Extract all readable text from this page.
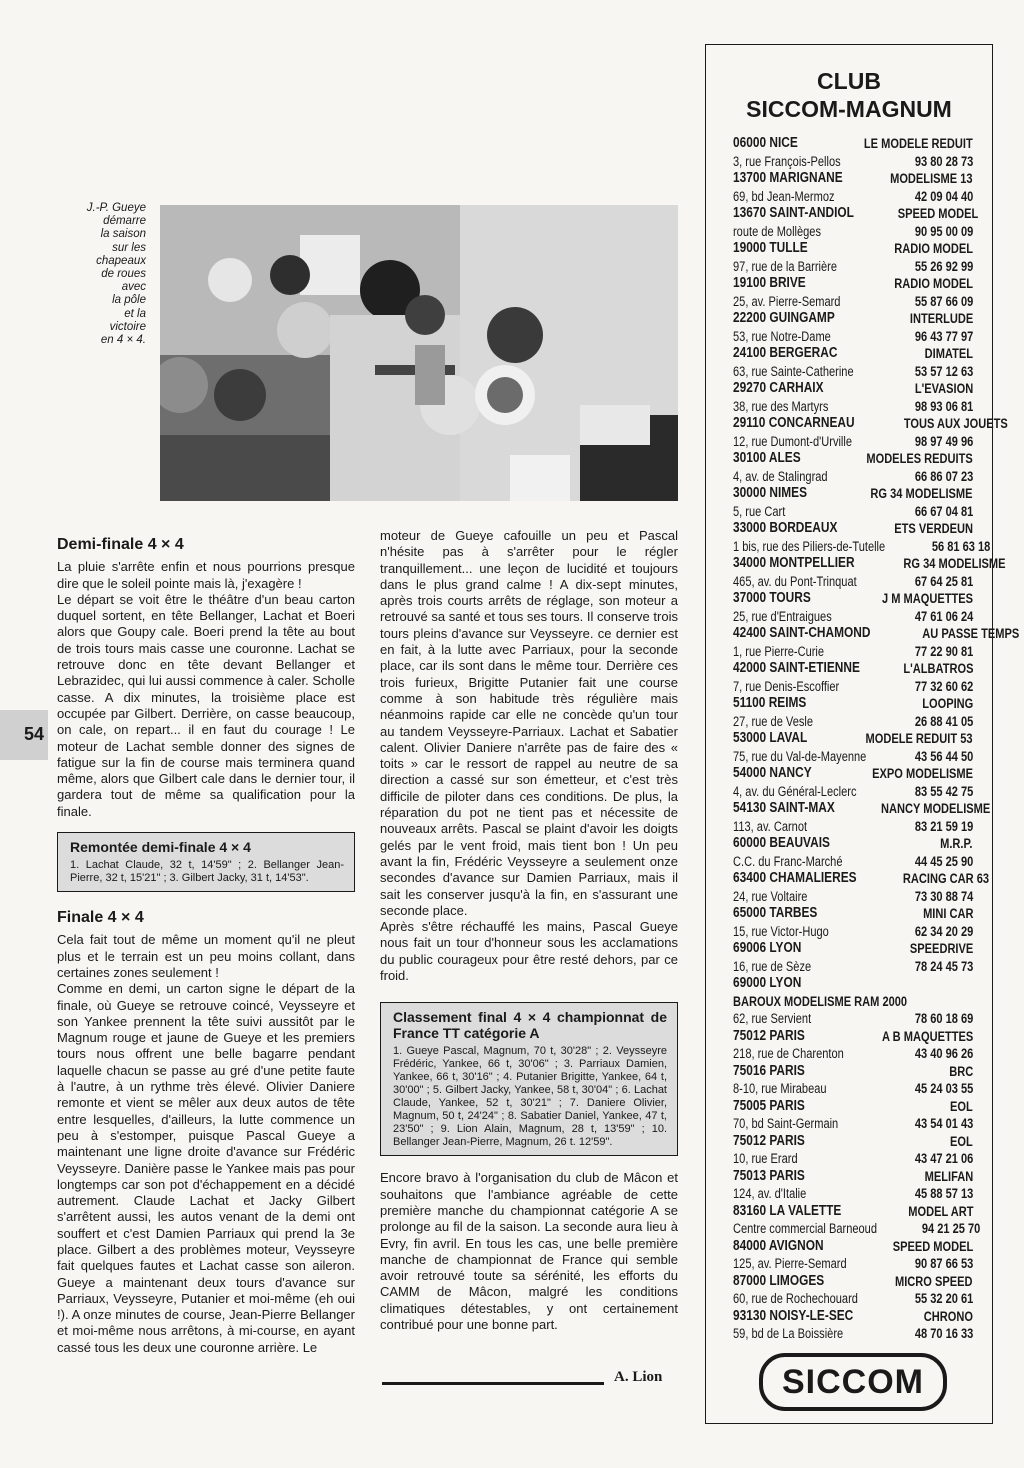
J.-P. Gueye
démarre
la saison
sur les
chapeaux
de roues
avec
la pôle
et la
victoire
en 4 × 4.
54
Demi-finale 4 × 4

La pluie s'arrête enfin et nous pourrions presque dire que le soleil pointe mais là, j'exagère !

Le départ se voit être le théâtre d'un beau carton duquel sortent, en tête Bellanger, Lachat et Boeri alors que Goupy cale. Boeri prend la tête au bout de trois tours mais casse une couronne. Lachat se retrouve donc en tête devant Bellanger et Lebrazidec, qui lui aussi commence à caler. Scholle casse. A dix minutes, la troisième place est occupée par Gilbert. Derrière, on casse beaucoup, on cale, on repart... il en faut du courage ! Le moteur de Lachat semble donner des signes de fatigue sur la fin de course mais terminera quand même, alors que Gilbert cale dans le dernier tour, il gardera tout de même sa qualification pour la finale.

Remontée demi-finale 4 × 4
1. Lachat Claude, 32 t, 14'59" ; 2. Bellanger Jean-Pierre, 32 t, 15'21" ; 3. Gilbert Jacky, 31 t, 14'53".
Finale 4 × 4

Cela fait tout de même un moment qu'il ne pleut plus et le terrain est un peu moins collant, dans certaines zones seulement !

Comme en demi, un carton signe le départ de la finale, où Gueye se retrouve coincé, Veysseyre et son Yankee prennent la tête suivi aussitôt par le Magnum rouge et jaune de Gueye et les premiers tours nous offrent une belle bagarre pendant laquelle chacun se passe au gré d'une petite faute à l'autre, à un rythme très élevé. Olivier Daniere remonte et vient se mêler aux deux autos de tête entre lesquelles, d'ailleurs, la lutte commence un peu à s'estomper, puisque Pascal Gueye a maintenant une ligne droite d'avance sur Frédéric Veysseyre. Danière passe le Yankee mais pas pour longtemps car son pot d'échappement en a décidé autrement. Claude Lachat et Jacky Gilbert s'arrêtent aussi, les autos venant de la demi ont souffert et c'est Damien Parriaux qui prend la 3e place. Gilbert a des problèmes moteur, Veysseyre fait quelques fautes et Lachat casse son aileron. Gueye a maintenant deux tours d'avance sur Parriaux, Veysseyre, Putanier et moi-même (eh oui !). A onze minutes de course, Jean-Pierre Bellanger et moi-même nous arrêtons, à mi-course, en ayant cassé tous les deux une couronne arrière. Le

moteur de Gueye cafouille un peu et Pascal n'hésite pas à s'arrêter pour le régler tranquillement... une leçon de lucidité et toujours dans le plus grand calme ! A dix-sept minutes, après trois courts arrêts de réglage, son moteur a retrouvé sa santé et tous ses tours. Il conserve trois tours pleins d'avance sur Veysseyre. ce dernier est en fait, à la lutte avec Parriaux, pour la seconde place, car ils sont dans le même tour. Derrière ces trois furieux, Brigitte Putanier fait une course comme à son habitude très régulière mais néanmoins rapide car elle ne concède qu'un tour au tandem Veysseyre-Parriaux. Lachat et Sabatier calent. Olivier Daniere n'arrête pas de faire des « toits » car le ressort de rappel au neutre de sa direction a cassé sur son émetteur, et c'est très difficile de piloter dans ces conditions. De plus, la réparation du pot ne tient pas et nécessite de nouveaux arrêts. Pascal se plaint d'avoir les doigts gelés par le vent froid, mais tient bon ! Un peu avant la fin, Frédéric Veysseyre a seulement onze secondes d'avance sur Damien Parriaux, mais il sait les conserver jusqu'à la fin, en s'assurant une seconde place.

Après s'être réchauffé les mains, Pascal Gueye nous fait un tour d'honneur sous les acclamations du public courageux pour être resté dehors, par ce froid.

Classement final 4 × 4 championnat de France TT catégorie A
1. Gueye Pascal, Magnum, 70 t, 30'28" ; 2. Veysseyre Frédéric, Yankee, 66 t, 30'06" ; 3. Parriaux Damien, Yankee, 66 t, 30'16" ; 4. Putanier Brigitte, Yankee, 64 t, 30'00" ; 5. Gilbert Jacky, Yankee, 58 t, 30'04" ; 6. Lachat Claude, Yankee, 52 t, 30'21" ; 7. Daniere Olivier, Magnum, 50 t, 24'24" ; 8. Sabatier Daniel, Yankee, 47 t, 23'50" ; 9. Lion Alain, Magnum, 28 t, 13'59" ; 10. Bellanger Jean-Pierre, Magnum, 26 t. 12'59".

Encore bravo à l'organisation du club de Mâcon et souhaitons que l'ambiance agréable de cette première manche du championnat catégorie A se prolonge au fil de la saison. La seconde aura lieu à Evry, fin avril. En tous les cas, une belle première manche de championnat de France qui semble avoir retrouvé toute sa sérénité, les efforts du CAMM de Mâcon, malgré les conditions climatiques détestables, y ont certainement contribué pour une bonne part.

A. Lion
CLUB
SICCOM-MAGNUM
06000 NICE	LE MODELE REDUIT
3, rue François-Pellos	93 80 28 73
13700 MARIGNANE	MODELISME 13
69, bd Jean-Mermoz	42 09 04 40
13670 SAINT-ANDIOL	SPEED MODEL
route de Mollèges	90 95 00 09
19000 TULLE	RADIO MODEL
97, rue de la Barrière	55 26 92 99
19100 BRIVE	RADIO MODEL
25, av. Pierre-Semard	55 87 66 09
22200 GUINGAMP	INTERLUDE
53, rue Notre-Dame	96 43 77 97
24100 BERGERAC	DIMATEL
63, rue Sainte-Catherine	53 57 12 63
29270 CARHAIX	L'EVASION
38, rue des Martyrs	98 93 06 81
29110 CONCARNEAU	TOUS AUX JOUETS
12, rue Dumont-d'Urville	98 97 49 96
30100 ALES	MODELES REDUITS
4, av. de Stalingrad	66 86 07 23
30000 NIMES	RG 34 MODELISME
5, rue Cart	66 67 04 81
33000 BORDEAUX	ETS VERDEUN
1 bis, rue des Piliers-de-Tutelle	56 81 63 18
34000 MONTPELLIER	RG 34 MODELISME
465, av. du Pont-Trinquat	67 64 25 81
37000 TOURS	J M MAQUETTES
25, rue d'Entraigues	47 61 06 24
42400 SAINT-CHAMOND	AU PASSE TEMPS
1, rue Pierre-Curie	77 22 90 81
42000 SAINT-ETIENNE	L'ALBATROS
7, rue Denis-Escoffier	77 32 60 62
51100 REIMS	LOOPING
27, rue de Vesle	26 88 41 05
53000 LAVAL	MODELE REDUIT 53
75, rue du Val-de-Mayenne	43 56 44 50
54000 NANCY	EXPO MODELISME
4, av. du Général-Leclerc	83 55 42 75
54130 SAINT-MAX	NANCY MODELISME
113, av. Carnot	83 21 59 19
60000 BEAUVAIS	M.R.P.
C.C. du Franc-Marché	44 45 25 90
63400 CHAMALIERES	RACING CAR 63
24, rue Voltaire	73 30 88 74
65000 TARBES	MINI CAR
15, rue Victor-Hugo	62 34 20 29
69006 LYON	SPEEDRIVE
16, rue de Sèze	78 24 45 73
69000 LYON
BAROUX MODELISME RAM 2000
62, rue Servient	78 60 18 69
75012 PARIS	A B MAQUETTES
218, rue de Charenton	43 40 96 26
75016 PARIS	BRC
8-10, rue Mirabeau	45 24 03 55
75005 PARIS	EOL
70, bd Saint-Germain	43 54 01 43
75012 PARIS	EOL
10, rue Erard	43 47 21 06
75013 PARIS	MELIFAN
124, av. d'Italie	45 88 57 13
83160 LA VALETTE	MODEL ART
Centre commercial Barneoud	94 21 25 70
84000 AVIGNON	SPEED MODEL
125, av. Pierre-Semard	90 87 66 53
87000 LIMOGES	MICRO SPEED
60, rue de Rochechouard	55 32 20 61
93130 NOISY-LE-SEC	CHRONO
59, bd de La Boissière	48 70 16 33
SICCOM
